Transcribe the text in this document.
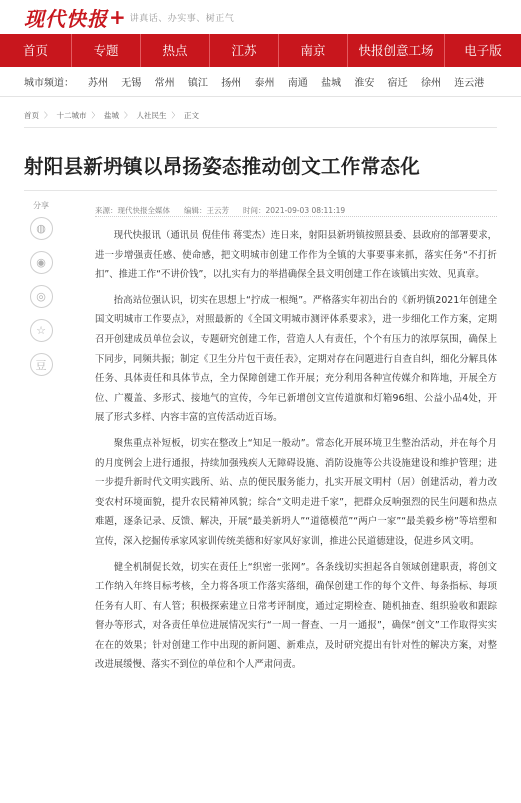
现代快报 + 讲真话、办实事、树正气
首页	专题	热点	江苏	南京	快报创意工场	电子版
城市频道： 苏州 无锡 常州 镇江 扬州 泰州 南通 盐城 淮安 宿迁 徐州 连云港
首页 〉 十二城市 〉 盐城 〉 人社民生 〉 正文
射阳县新坍镇以昂扬姿态推动创文工作常态化
分享
◍
◉
◎
☆
豆
来源：现代快报全媒体 编辑：王云芳 时间：2021-09-03 08:11:19

现代快报讯（通讯员 倪佳伟 蒋雯杰）连日来，射阳县新坍镇按照县委、县政府的部署要求，进一步增强责任感、使命感，把文明城市创建工作作为全镇的大事要事来抓，落实任务“不打折扣”、推进工作“不讲价钱”，以扎实有力的举措确保全县文明创建工作在该镇出实效、见真章。

抬高站位强认识，切实在思想上“拧成一根绳”。严格落实年初出台的《新坍镇2021年创建全国文明城市工作要点》，对照最新的《全国文明城市测评体系要求》，进一步细化工作方案，定期召开创建成员单位会议，专题研究创建工作，营造人人有责任，个个有压力的浓厚氛围，确保上下同步，同频共振；制定《卫生分片包干责任表》，定期对存在问题进行自查自纠，细化分解具体任务、具体责任和具体节点，全力保障创建工作开展；充分利用各种宣传媒介和阵地，开展全方位、广覆盖、多形式、接地气的宣传，今年已新增创文宣传道旗和灯箱96组、公益小品4处，开展了形式多样、内容丰富的宣传活动近百场。

聚焦重点补短板，切实在整改上“知足一般动”。常态化开展环境卫生整治活动，并在每个月的月度例会上进行通报，持续加强残疾人无障碍设施、消防设施等公共设施建设和维护管理；进一步提升新时代文明实践所、站、点的便民服务能力，扎实开展文明村（居）创建活动，着力改变农村环境面貌，提升农民精神风貌；综合“文明走进千家”，把群众反响强烈的民生问题和热点难题，逐条记录、反馈、解决，开展“最美新坍人”“道德模范”“两户一家”“最美毅乡榜”等培塑和宣传，深入挖掘传承家风家训传统美德和好家风好家训，推进公民道德建设，促进乡风文明。

健全机制促长效，切实在责任上“织密一张网”。各条线切实担起各自领域创建职责，将创文工作纳入年终目标考核，全力将各项工作落实落细，确保创建工作的每个文件、每条指标、每项任务有人盯、有人管；积极探索建立日常考评制度，通过定期检查、随机抽查、组织验收和跟踪督办等形式，对各责任单位进展情况实行“一周一督查、一月一通报”，确保“创文”工作取得实实在在的效果；针对创建工作中出现的新问题、新难点，及时研究提出有针对性的解决方案，对整改进展缓慢、落实不到位的单位和个人严肃问责。
